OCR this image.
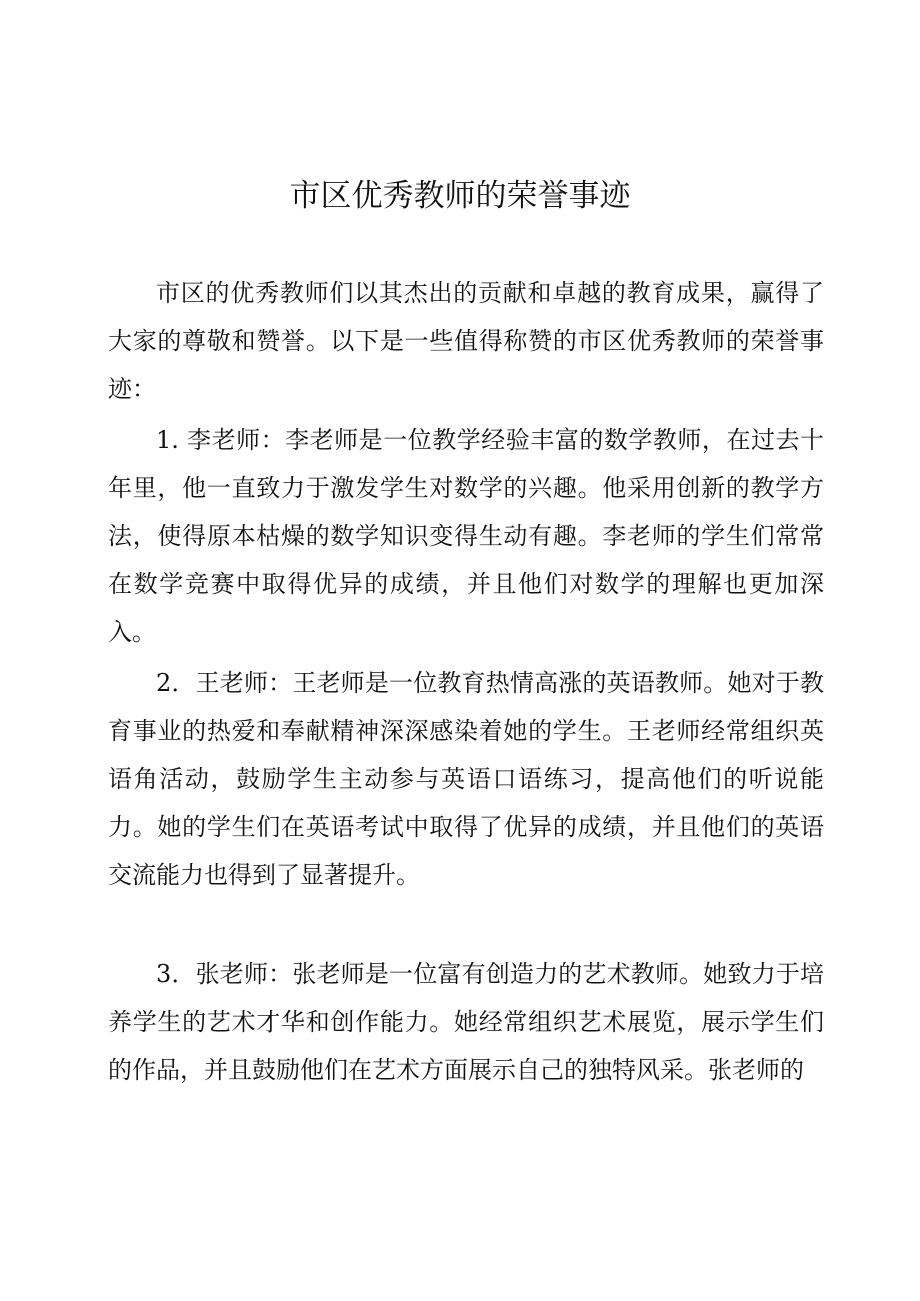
市区优秀教师的荣誉事迹

市区的优秀教师们以其杰出的贡献和卓越的教育成果，赢得了大家的尊敬和赞誉。以下是一些值得称赞的市区优秀教师的荣誉事迹：

1. 李老师：李老师是一位教学经验丰富的数学教师，在过去十年里，他一直致力于激发学生对数学的兴趣。他采用创新的教学方法，使得原本枯燥的数学知识变得生动有趣。李老师的学生们常常在数学竞赛中取得优异的成绩，并且他们对数学的理解也更加深入。

2．王老师：王老师是一位教育热情高涨的英语教师。她对于教育事业的热爱和奉献精神深深感染着她的学生。王老师经常组织英语角活动，鼓励学生主动参与英语口语练习，提高他们的听说能力。她的学生们在英语考试中取得了优异的成绩，并且他们的英语交流能力也得到了显著提升。

3．张老师：张老师是一位富有创造力的艺术教师。她致力于培养学生的艺术才华和创作能力。她经常组织艺术展览，展示学生们的作品，并且鼓励他们在艺术方面展示自己的独特风采。张老师的
